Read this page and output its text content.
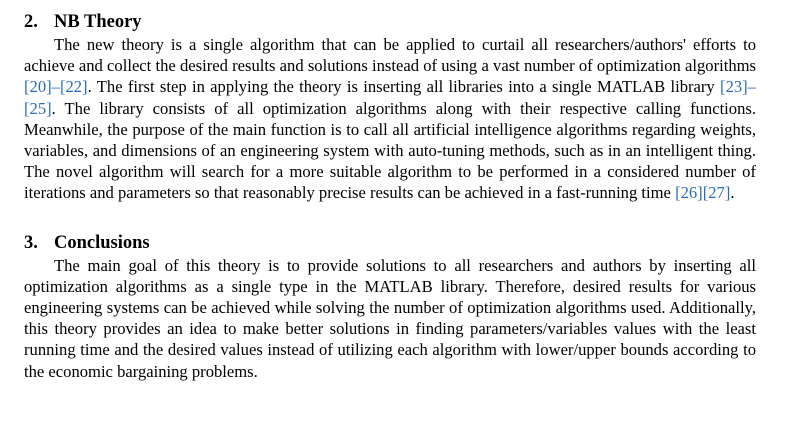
2. NB Theory

The new theory is a single algorithm that can be applied to curtail all researchers/authors' efforts to achieve and collect the desired results and solutions instead of using a vast number of optimization algorithms [20]–[22]. The first step in applying the theory is inserting all libraries into a single MATLAB library [23]–[25]. The library consists of all optimization algorithms along with their respective calling functions. Meanwhile, the purpose of the main function is to call all artificial intelligence algorithms regarding weights, variables, and dimensions of an engineering system with auto-tuning methods, such as in an intelligent thing. The novel algorithm will search for a more suitable algorithm to be performed in a considered number of iterations and parameters so that reasonably precise results can be achieved in a fast-running time [26][27].

3. Conclusions

The main goal of this theory is to provide solutions to all researchers and authors by inserting all optimization algorithms as a single type in the MATLAB library. Therefore, desired results for various engineering systems can be achieved while solving the number of optimization algorithms used. Additionally, this theory provides an idea to make better solutions in finding parameters/variables values with the least running time and the desired values instead of utilizing each algorithm with lower/upper bounds according to the economic bargaining problems.
